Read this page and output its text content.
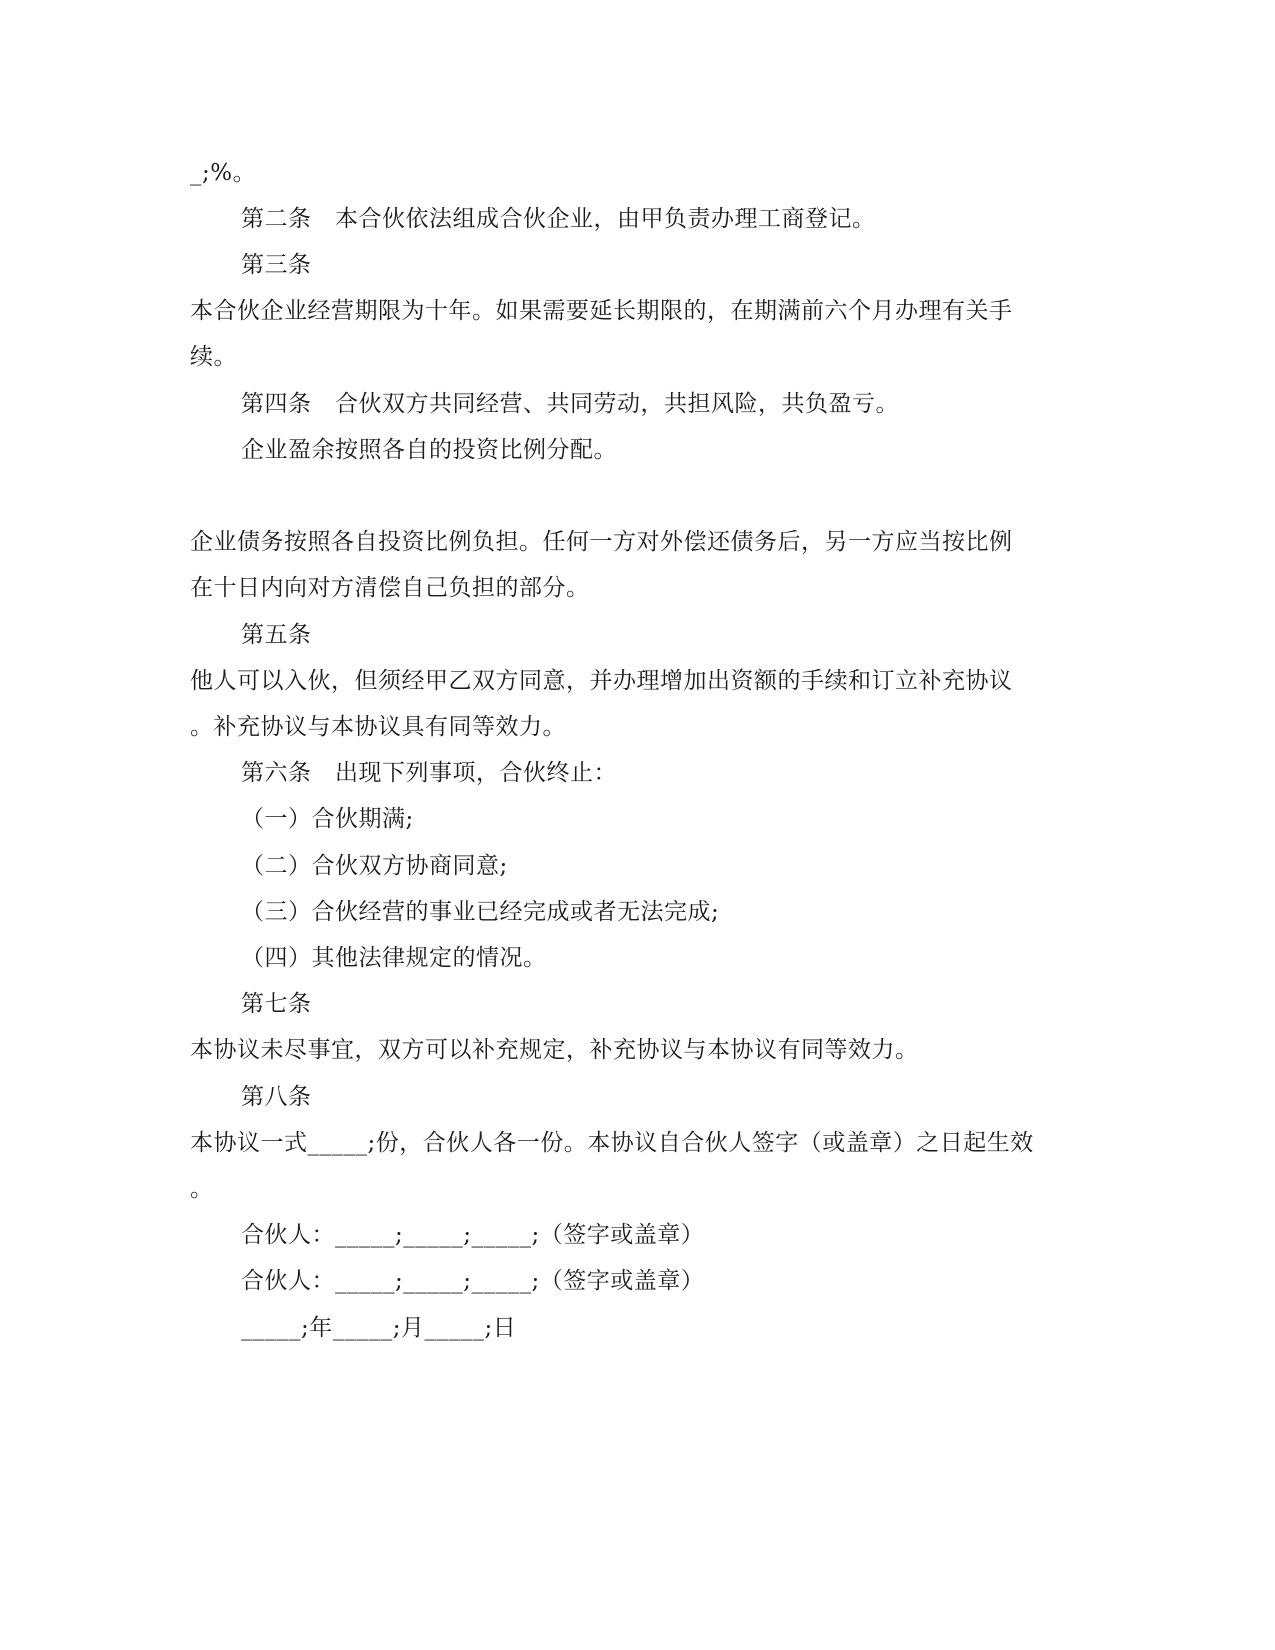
_;%。
第二条　本合伙依法组成合伙企业，由甲负责办理工商登记。
第三条
本合伙企业经营期限为十年。如果需要延长期限的，在期满前六个月办理有关手
续。
第四条　合伙双方共同经营、共同劳动，共担风险，共负盈亏。
企业盈余按照各自的投资比例分配。
企业债务按照各自投资比例负担。任何一方对外偿还债务后，另一方应当按比例
在十日内向对方清偿自己负担的部分。
第五条
他人可以入伙，但须经甲乙双方同意，并办理增加出资额的手续和订立补充协议
。补充协议与本协议具有同等效力。
第六条　出现下列事项，合伙终止：
（一）合伙期满;
（二）合伙双方协商同意;
（三）合伙经营的事业已经完成或者无法完成;
（四）其他法律规定的情况。
第七条
本协议未尽事宜，双方可以补充规定，补充协议与本协议有同等效力。
第八条
本协议一式_____;份，合伙人各一份。本协议自合伙人签字（或盖章）之日起生效
。
合伙人：_____;_____;_____;（签字或盖章）
合伙人：_____;_____;_____;（签字或盖章）
_____;年_____;月_____;日
